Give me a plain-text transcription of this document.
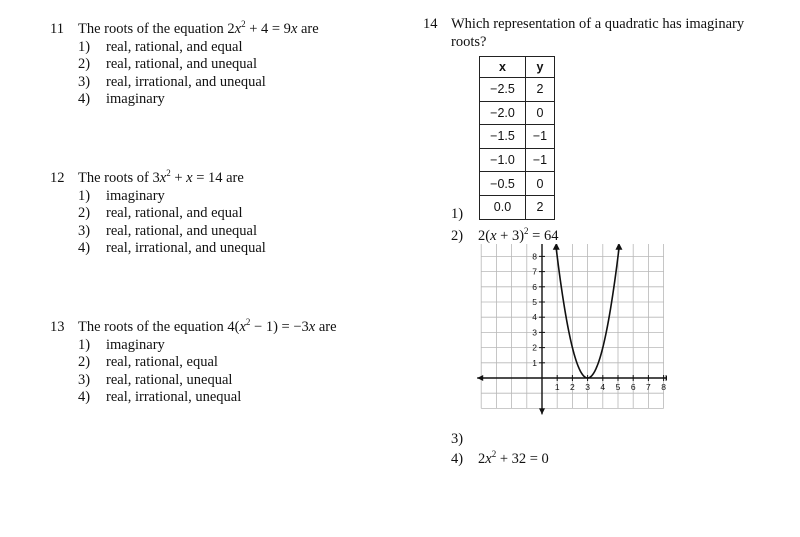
11 The roots of the equation $2x^2 + 4 = 9x$ are
1) real, rational, and equal
2) real, rational, and unequal
3) real, irrational, and unequal
4) imaginary
12 The roots of $3x^2 + x = 14$ are
1) imaginary
2) real, rational, and equal
3) real, rational, and unequal
4) real, irrational, and unequal
13 The roots of the equation $4(x^2 - 1) = -3x$ are
1) imaginary
2) real, rational, equal
3) real, rational, unequal
4) real, irrational, unequal
14 Which representation of a quadratic has imaginary
roots?
x	y
−2.5	2
−2.0	0
−1.5	−1
−1.0	−1
−0.5	0
0.0	2
1)
2) $2(x + 3)^2 = 64$
1 2 3 4 5 6 7 8
1
2
3
4
5
6
7
8
3)
4) $2x^2 + 32 = 0$
